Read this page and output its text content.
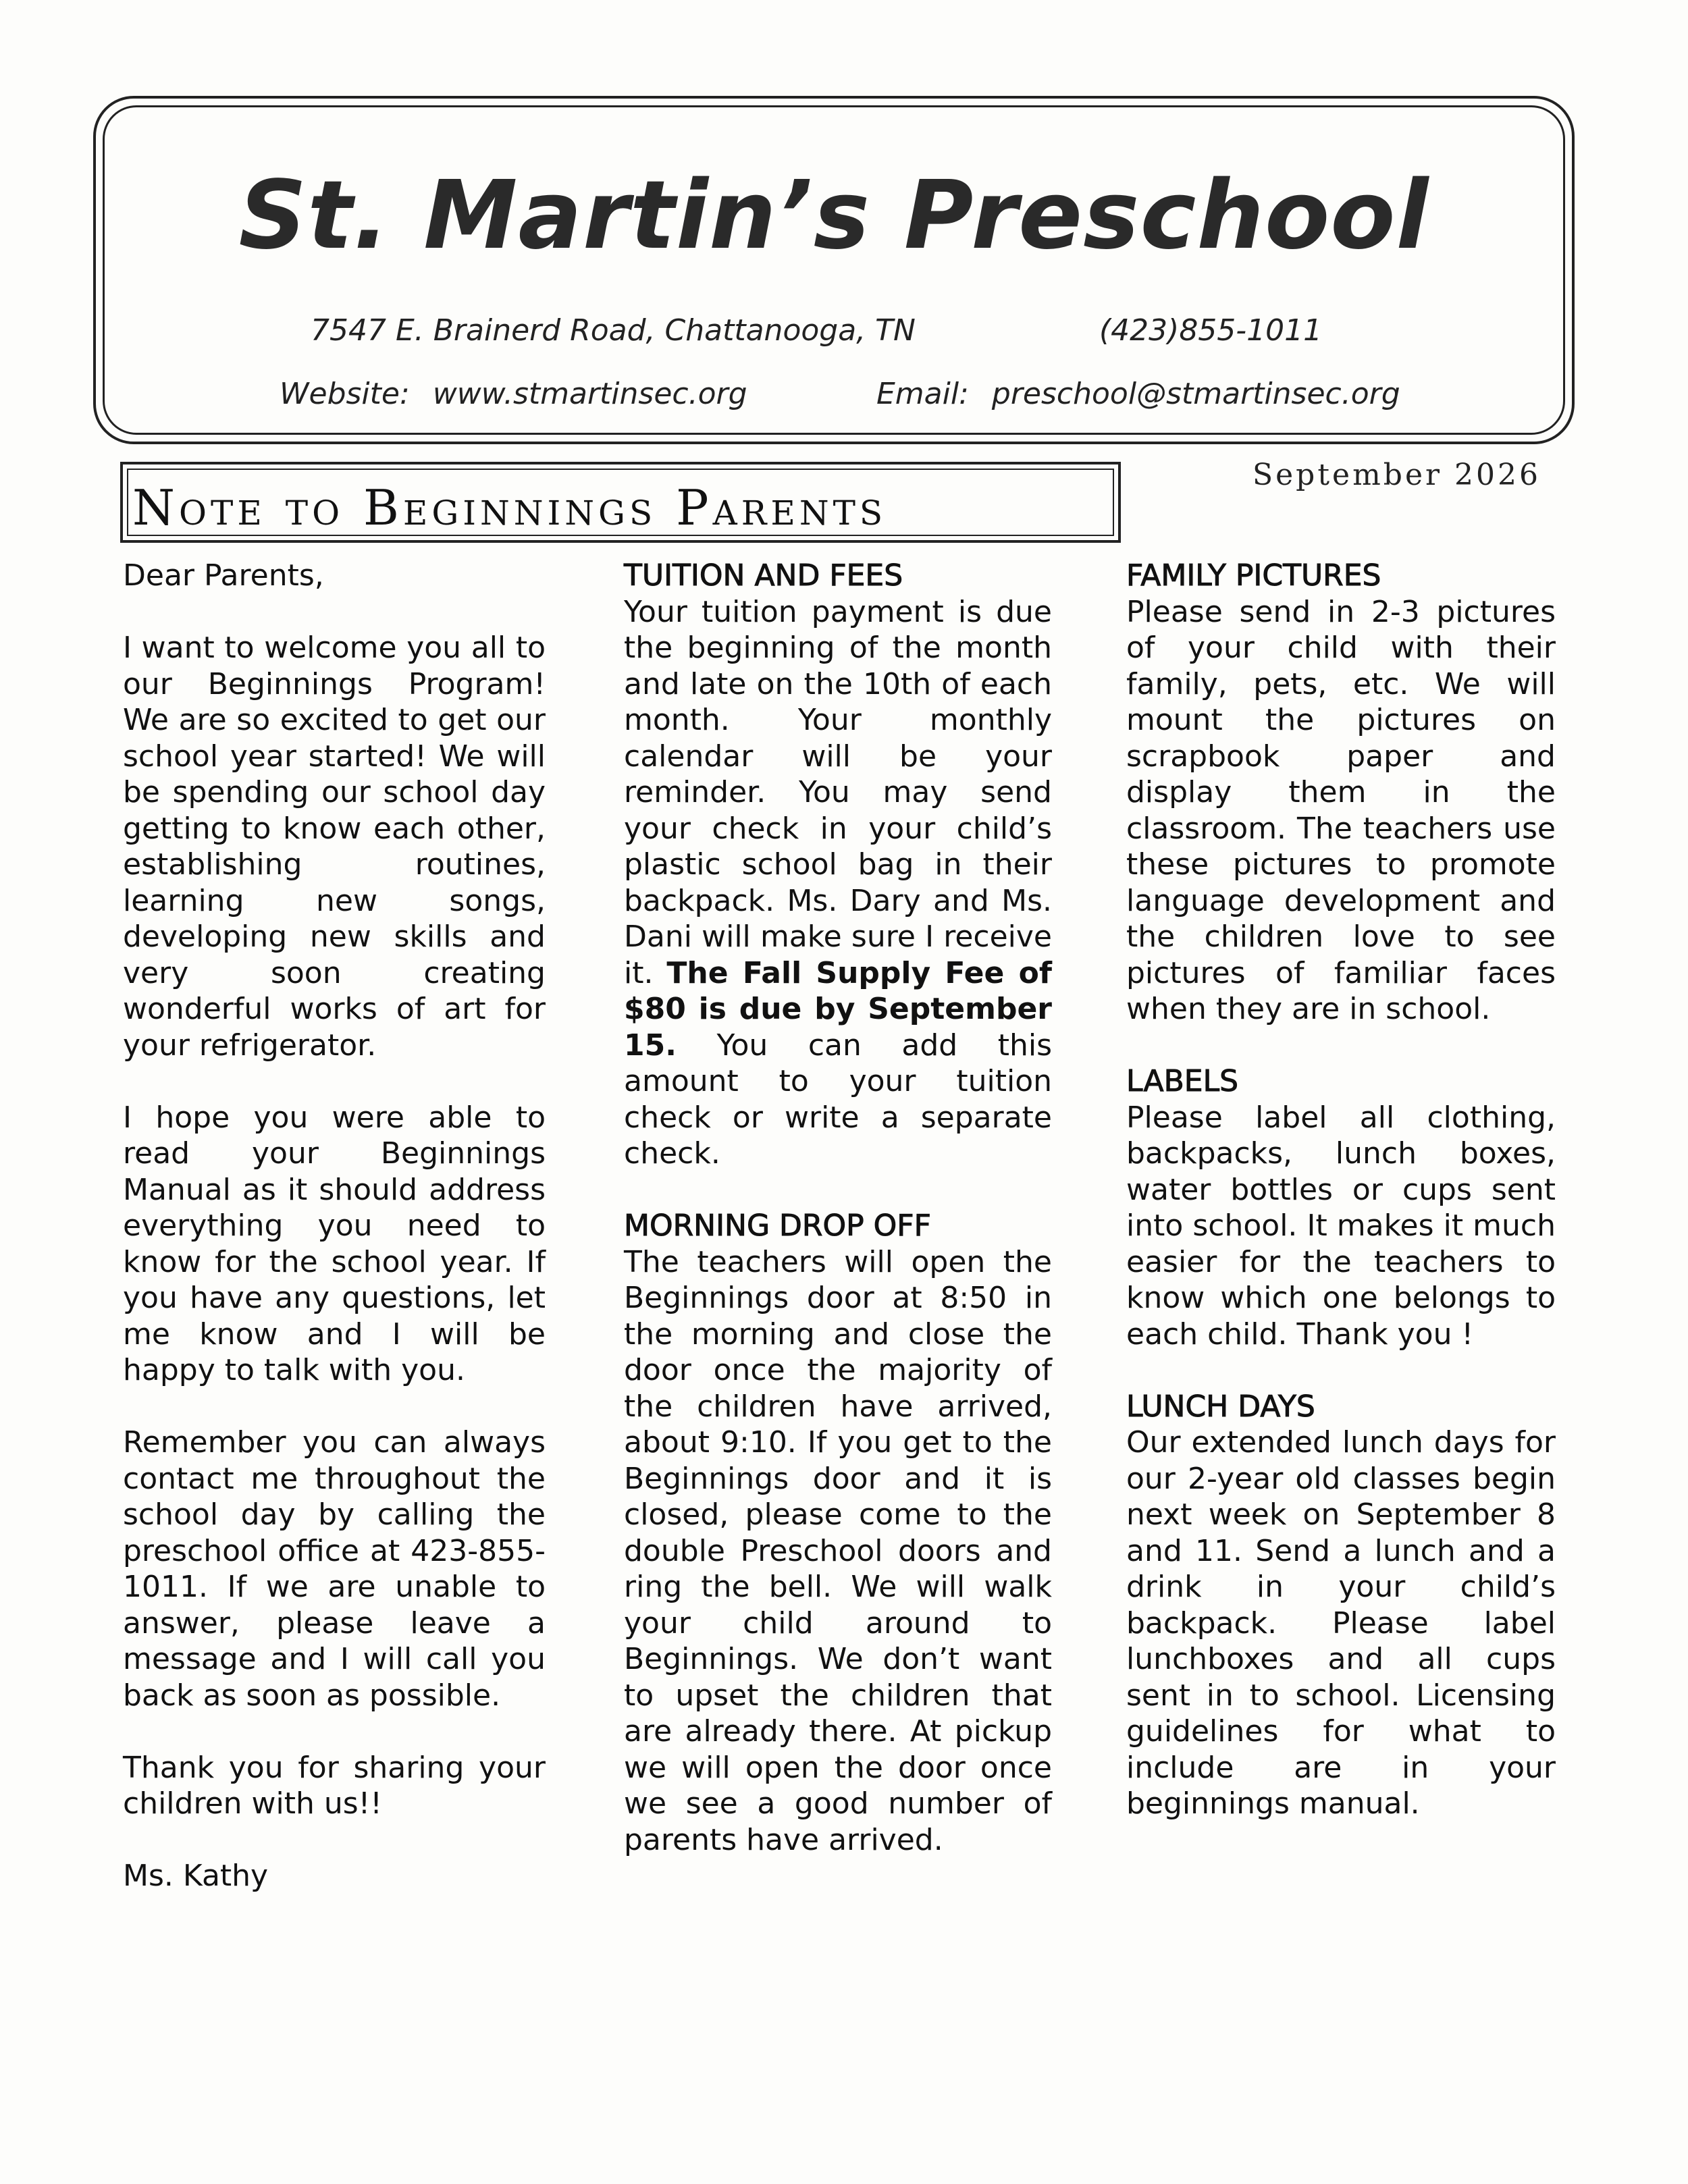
St. Martin’s Preschool
7547 E. Brainerd Road, Chattanooga, TN	(423)855-1011
Website: www.stmartinsec.org	Email: preschool@stmartinsec.org
Note to Beginnings Parents
September 2026

Dear Parents,

I want to welcome you all to our Beginnings Program! We are so excited to get our school year started! We will be spending our school day getting to know each other, establishing routines, learning new songs, developing new skills and very soon creating wonderful works of art for your refrigerator.

I hope you were able to read your Beginnings Manual as it should address everything you need to know for the school year. If you have any questions, let me know and I will be happy to talk with you.

Remember you can always contact me throughout the school day by calling the preschool office at 423-855-1011. If we are unable to answer, please leave a message and I will call you back as soon as possible.

Thank you for sharing your children with us!!

Ms. Kathy

TUITION AND FEES

Your tuition payment is due the beginning of the month and late on the 10th of each month. Your monthly calendar will be your reminder. You may send your check in your child’s plastic school bag in their backpack. Ms. Dary and Ms. Dani will make sure I receive it. The Fall Supply Fee of $80 is due by September 15. You can add this amount to your tuition check or write a separate check.

MORNING DROP OFF

The teachers will open the Beginnings door at 8:50 in the morning and close the door once the majority of the children have arrived, about 9:10. If you get to the Beginnings door and it is closed, please come to the double Preschool doors and ring the bell. We will walk your child around to Beginnings. We don’t want to upset the children that are already there. At pickup we will open the door once we see a good number of parents have arrived.

FAMILY PICTURES

Please send in 2-3 pictures of your child with their family, pets, etc. We will mount the pictures on scrapbook paper and display them in the classroom. The teachers use these pictures to promote language development and the children love to see pictures of familiar faces when they are in school.

LABELS

Please label all clothing, backpacks, lunch boxes, water bottles or cups sent into school. It makes it much easier for the teachers to know which one belongs to each child. Thank you !

LUNCH DAYS

Our extended lunch days for our 2-year old classes begin next week on September 8 and 11. Send a lunch and a drink in your child’s backpack. Please label lunchboxes and all cups sent in to school. Licensing guidelines for what to include are in your beginnings manual.
